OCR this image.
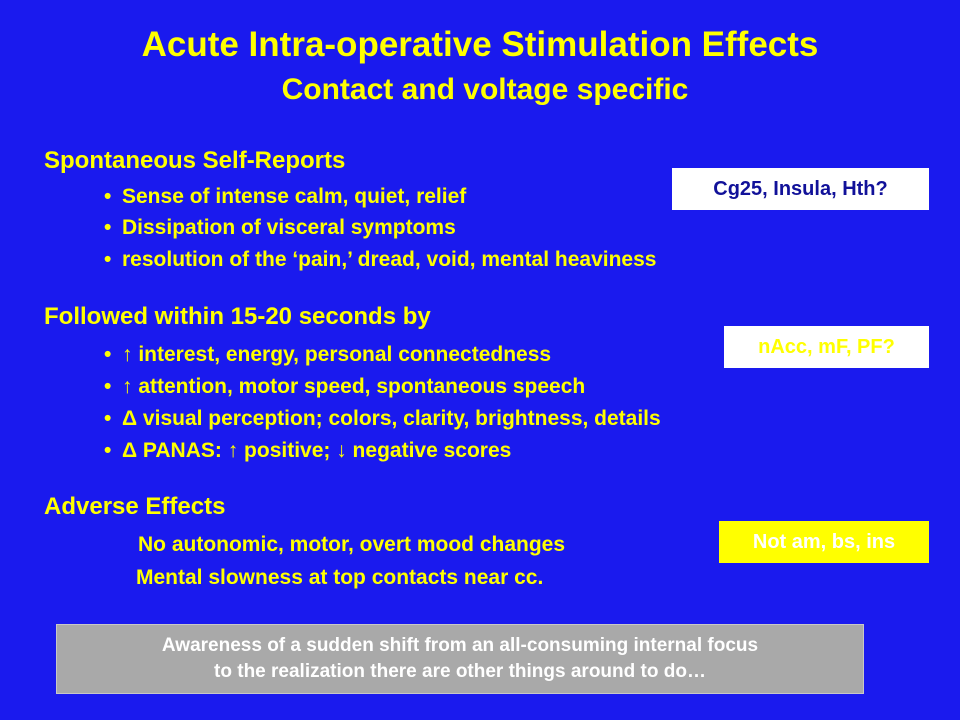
Acute Intra-operative Stimulation Effects
Contact and voltage specific
Spontaneous Self-Reports
• Sense of intense calm, quiet, relief
• Dissipation of visceral symptoms
• resolution of the ‘pain,’ dread, void, mental heaviness
Cg25, Insula, Hth?
Followed within 15-20 seconds by
• ↑ interest, energy, personal connectedness
• ↑ attention, motor speed, spontaneous speech
• Δ visual perception; colors, clarity, brightness, details
• Δ PANAS: ↑ positive; ↓ negative scores
nAcc, mF, PF?
Adverse Effects
No autonomic, motor, overt mood changes
Mental slowness at top contacts near cc.
Not am, bs, ins
Awareness of a sudden shift from an all-consuming internal focus
to the realization there are other things around to do…
